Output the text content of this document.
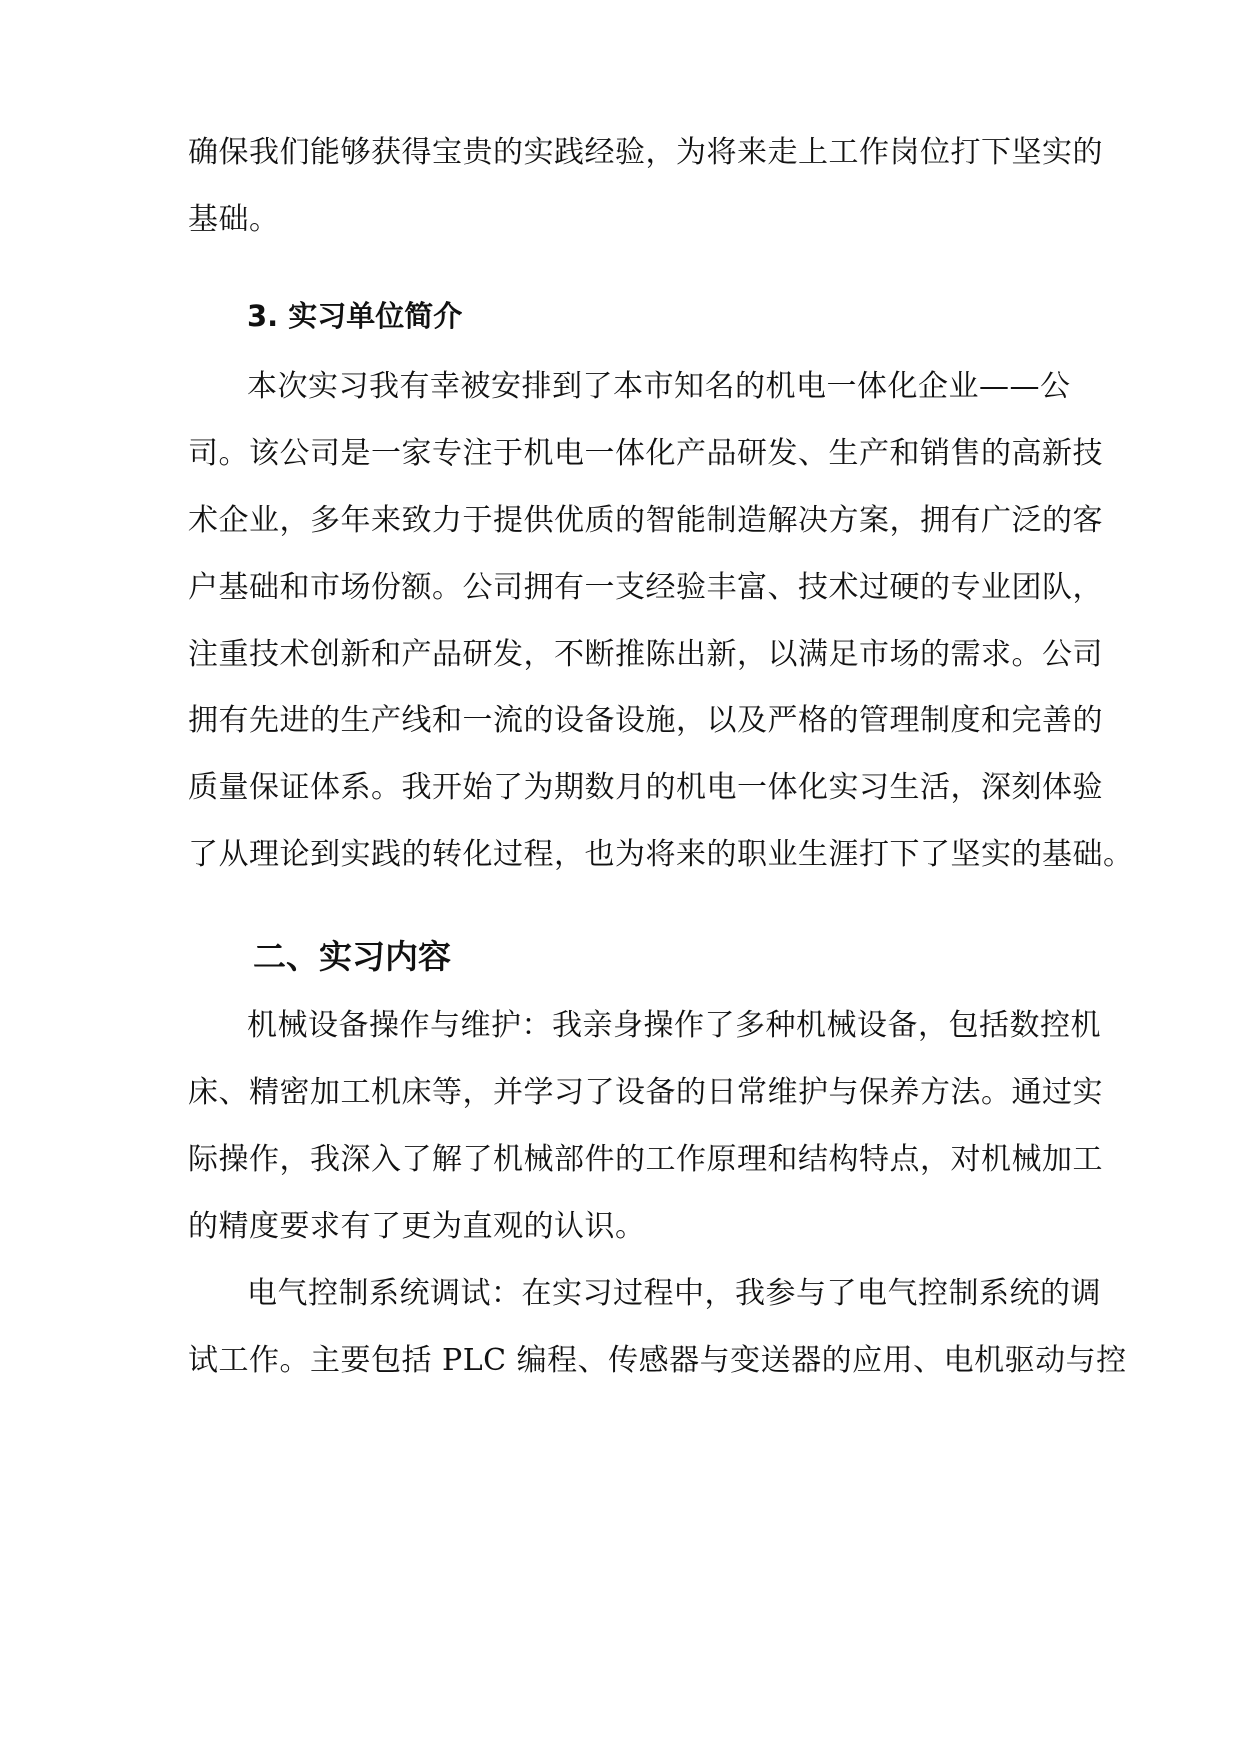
确保我们能够获得宝贵的实践经验，为将来走上工作岗位打下坚实的
基础。
3. 实习单位简介
本次实习我有幸被安排到了本市知名的机电一体化企业——公
司。该公司是一家专注于机电一体化产品研发、生产和销售的高新技
术企业，多年来致力于提供优质的智能制造解决方案，拥有广泛的客
户基础和市场份额。公司拥有一支经验丰富、技术过硬的专业团队，
注重技术创新和产品研发，不断推陈出新，以满足市场的需求。公司
拥有先进的生产线和一流的设备设施，以及严格的管理制度和完善的
质量保证体系。我开始了为期数月的机电一体化实习生活，深刻体验
了从理论到实践的转化过程，也为将来的职业生涯打下了坚实的基础。
二、实习内容
机械设备操作与维护：我亲身操作了多种机械设备，包括数控机
床、精密加工机床等，并学习了设备的日常维护与保养方法。通过实
际操作，我深入了解了机械部件的工作原理和结构特点，对机械加工
的精度要求有了更为直观的认识。
电气控制系统调试：在实习过程中，我参与了电气控制系统的调
试工作。主要包括 PLC 编程、传感器与变送器的应用、电机驱动与控
